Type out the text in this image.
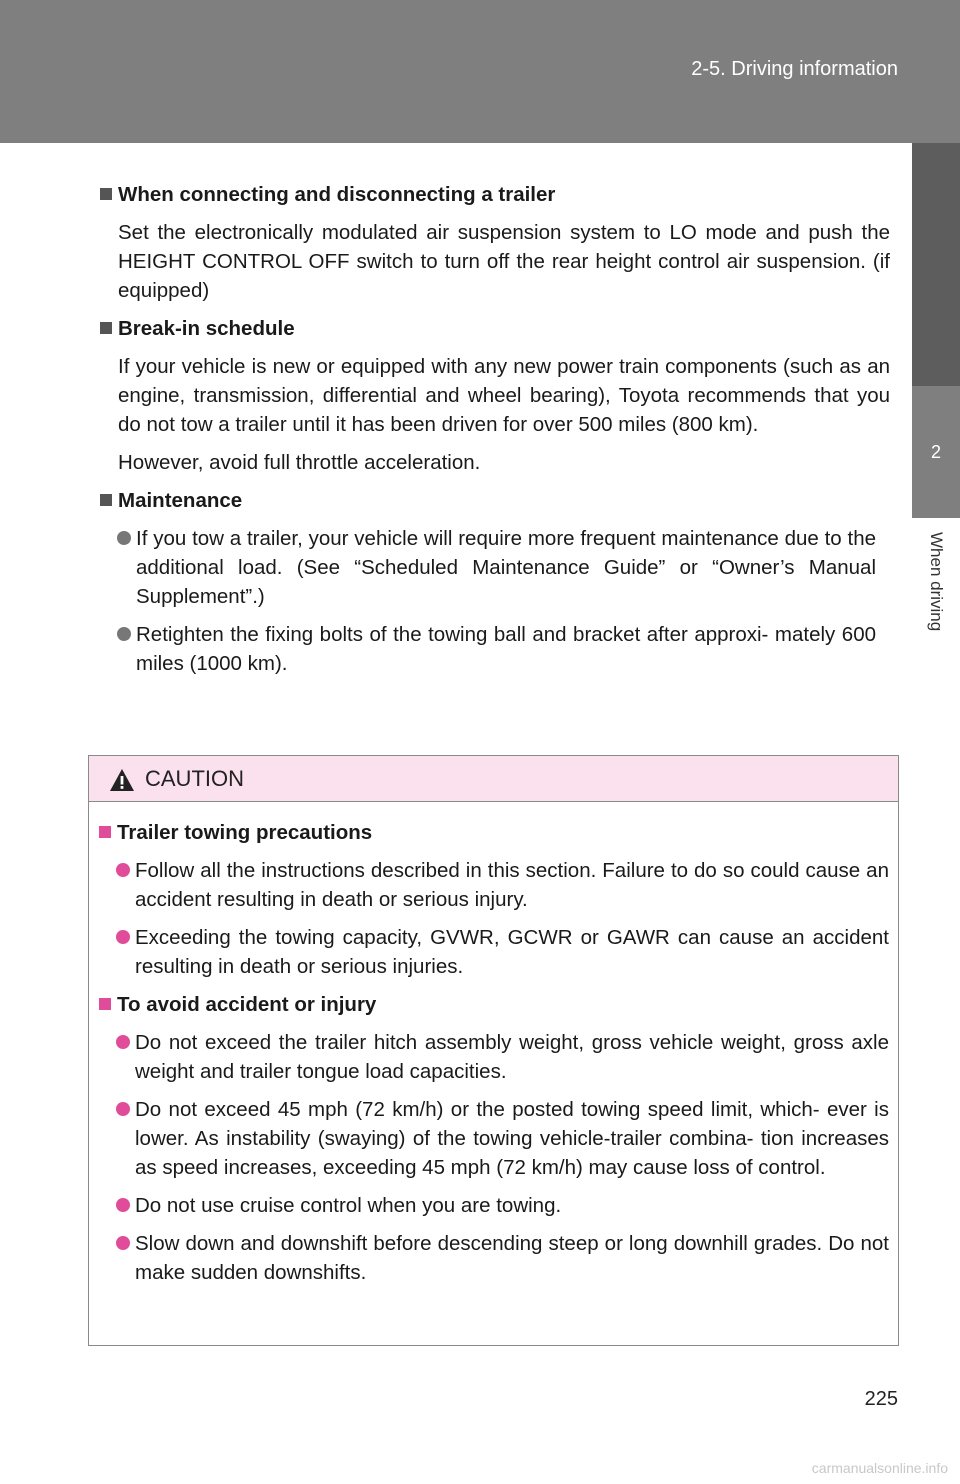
2-5. Driving information
2
When driving
When connecting and disconnecting a trailer

Set the electronically modulated air suspension system to LO mode and push the HEIGHT CONTROL OFF switch to turn off the rear height control air suspension. (if equipped)

Break-in schedule

If your vehicle is new or equipped with any new power train components (such as an engine, transmission, differential and wheel bearing), Toyota recommends that you do not tow a trailer until it has been driven for over 500 miles (800 km).

However, avoid full throttle acceleration.

Maintenance
If you tow a trailer, your vehicle will require more frequent maintenance due to the additional load. (See “Scheduled Maintenance Guide” or “Owner’s Manual Supplement”.)
Retighten the fixing bolts of the towing ball and bracket after approxi- mately 600 miles (1000 km).
CAUTION
Trailer towing precautions
Follow all the instructions described in this section. Failure to do so could cause an accident resulting in death or serious injury.
Exceeding the towing capacity, GVWR, GCWR or GAWR can cause an accident resulting in death or serious injuries.
To avoid accident or injury
Do not exceed the trailer hitch assembly weight, gross vehicle weight, gross axle weight and trailer tongue load capacities.
Do not exceed 45 mph (72 km/h) or the posted towing speed limit, which- ever is lower. As instability (swaying) of the towing vehicle-trailer combina- tion increases as speed increases, exceeding 45 mph (72 km/h) may cause loss of control.
Do not use cruise control when you are towing.
Slow down and downshift before descending steep or long downhill grades. Do not make sudden downshifts.
225
carmanualsonline.info
